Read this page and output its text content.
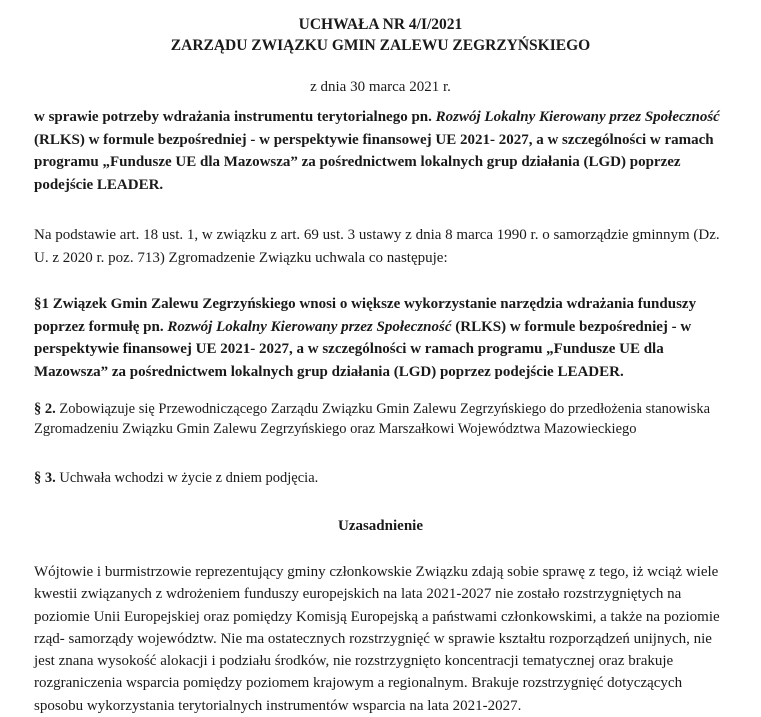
UCHWAŁA NR 4/I/2021
ZARZĄDU ZWIĄZKU GMIN ZALEWU ZEGRZYŃSKIEGO
z dnia 30 marca 2021 r.
w sprawie potrzeby wdrażania instrumentu terytorialnego pn. Rozwój Lokalny Kierowany przez Społeczność (RLKS) w formule bezpośredniej - w perspektywie finansowej UE 2021- 2027, a w szczególności w ramach programu „Fundusze UE dla Mazowsza” za pośrednictwem lokalnych grup działania (LGD) poprzez podejście LEADER.
Na podstawie art. 18 ust. 1, w związku z art. 69 ust. 3 ustawy z dnia 8 marca 1990 r. o samorządzie gminnym (Dz. U. z 2020 r. poz. 713) Zgromadzenie Związku uchwala co następuje:
§1 Związek Gmin Zalewu Zegrzyńskiego wnosi o większe wykorzystanie narzędzia wdrażania funduszy poprzez formułę pn. Rozwój Lokalny Kierowany przez Społeczność (RLKS) w formule bezpośredniej - w perspektywie finansowej UE 2021- 2027, a w szczególności w ramach programu „Fundusze UE dla Mazowsza” za pośrednictwem lokalnych grup działania (LGD) poprzez podejście LEADER.
§ 2. Zobowiązuje się Przewodniczącego Zarządu Związku Gmin Zalewu Zegrzyńskiego do przedłożenia stanowiska Zgromadzeniu Związku Gmin Zalewu Zegrzyńskiego oraz Marszałkowi Województwa Mazowieckiego
§ 3. Uchwała wchodzi w życie z dniem podjęcia.
Uzasadnienie
Wójtowie i burmistrzowie reprezentujący gminy członkowskie Związku zdają sobie sprawę z tego, iż wciąż wiele kwestii związanych z wdrożeniem funduszy europejskich na lata 2021-2027 nie zostało rozstrzygniętych na poziomie Unii Europejskiej oraz pomiędzy Komisją Europejską a państwami członkowskimi, a także na poziomie rząd- samorządy województw. Nie ma ostatecznych rozstrzygnięć w sprawie kształtu rozporządzeń unijnych, nie jest znana wysokość alokacji i podziału środków, nie rozstrzygnięto koncentracji tematycznej oraz brakuje rozgraniczenia wsparcia pomiędzy poziomem krajowym a regionalnym. Brakuje rozstrzygnięć dotyczących sposobu wykorzystania terytorialnych instrumentów wsparcia na lata 2021-2027.
